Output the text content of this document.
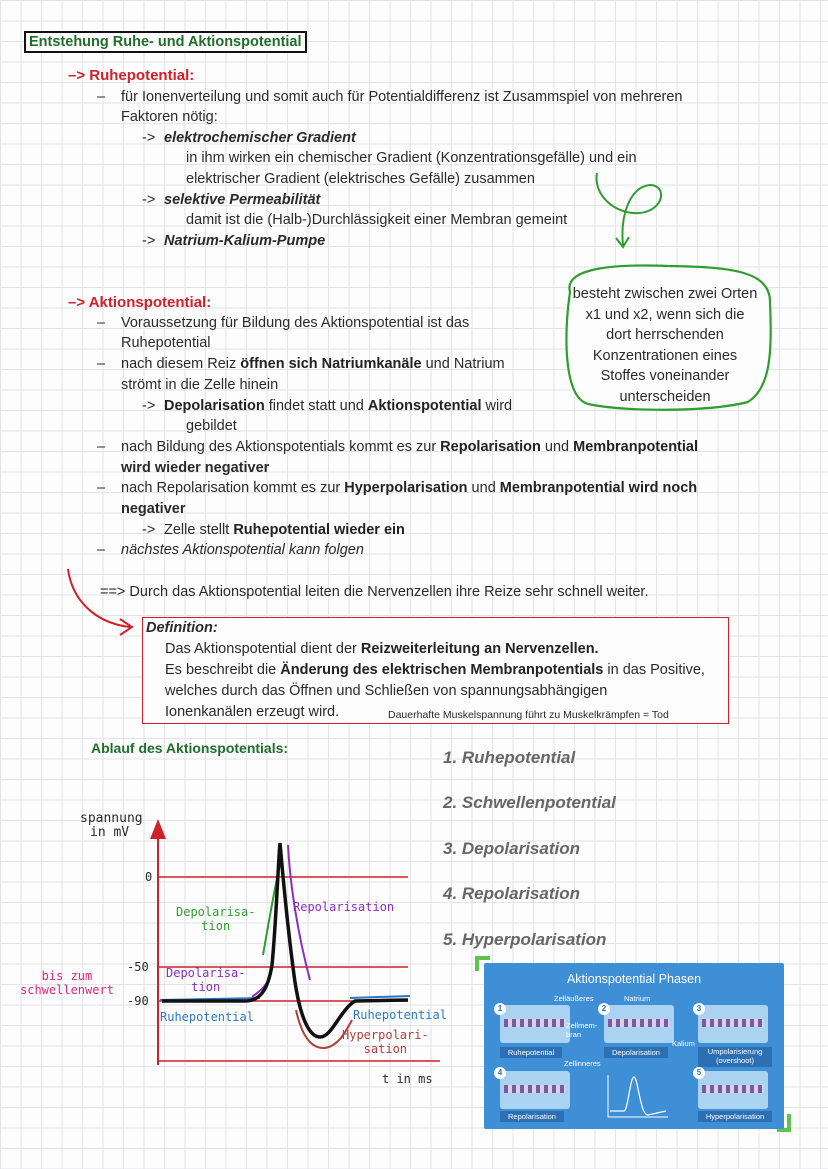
Entstehung Ruhe- und Aktionspotential
–> Ruhepotential:
– für Ionenverteilung und somit auch für Potentialdifferenz ist Zusammspiel von mehreren
Faktoren nötig:
-> elektrochemischer Gradient
in ihm wirken ein chemischer Gradient (Konzentrationsgefälle) und ein
elektrischer Gradient (elektrisches Gefälle) zusammen
-> selektive Permeabilität
damit ist die (Halb-)Durchlässigkeit einer Membran gemeint
-> Natrium-Kalium-Pumpe
besteht zwischen zwei Orten
x1 und x2, wenn sich die
dort herrschenden
Konzentrationen eines
Stoffes voneinander
unterscheiden
–> Aktionspotential:
– Voraussetzung für Bildung des Aktionspotential ist das
Ruhepotential
– nach diesem Reiz öffnen sich Natriumkanäle und Natrium
strömt in die Zelle hinein
-> Depolarisation findet statt und Aktionspotential wird
gebildet
– nach Bildung des Aktionspotentials kommt es zur Repolarisation und Membranpotential
wird wieder negativer
– nach Repolarisation kommt es zur Hyperpolarisation und Membranpotential wird noch
negativer
-> Zelle stellt Ruhepotential wieder ein
– nächstes Aktionspotential kann folgen
==> Durch das Aktionspotential leiten die Nervenzellen ihre Reize sehr schnell weiter.
Definition:
Das Aktionspotential dient der Reizweiterleitung an Nervenzellen.
Es beschreibt die Änderung des elektrischen Membranpotentials in das Positive,
welches durch das Öffnen und Schließen von spannungsabhängigen
Ionenkanälen erzeugt wird.	Dauerhafte Muskelspannung führt zu Muskelkrämpfen = Tod
Ablauf des Aktionspotentials:	1. Ruhepotential
2. Schwellenpotential
3. Depolarisation
4. Repolarisation
5. Hyperpolarisation
spannung
in mV
0
-50
-90
t in ms
Depolarisa-
tion
Repolarisation
Depolarisa-
tion
bis zum
schwellenwert
Ruhepotential	Ruhepotential
Hyperpolari-
sation
Aktionspotential Phasen
Zelläußeres	Natrium
Ruhepotential
1
Zellmem-
bran
Zellinneres
Depolarisation
2
Kalium
Umpolarisierung
(overshoot)
3
Repolarisation
4
Hyperpolarisation
5
